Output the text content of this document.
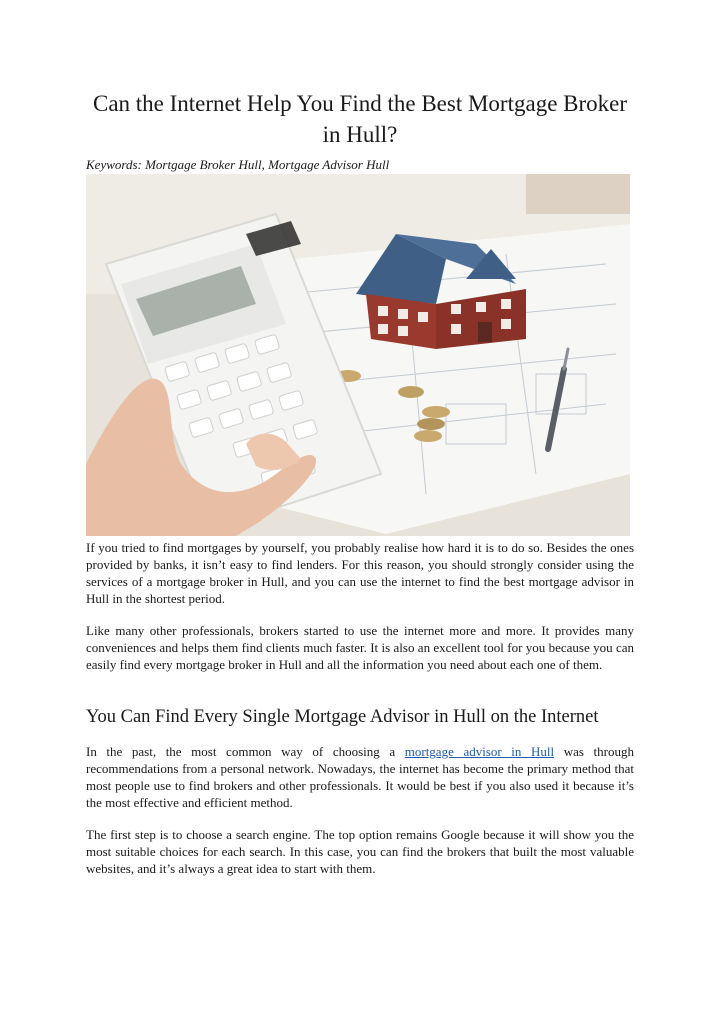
Can the Internet Help You Find the Best Mortgage Broker in Hull?

Keywords: Mortgage Broker Hull, Mortgage Advisor Hull

If you tried to find mortgages by yourself, you probably realise how hard it is to do so. Besides the ones provided by banks, it isn’t easy to find lenders. For this reason, you should strongly consider using the services of a mortgage broker in Hull, and you can use the internet to find the best mortgage advisor in Hull in the shortest period.

Like many other professionals, brokers started to use the internet more and more. It provides many conveniences and helps them find clients much faster. It is also an excellent tool for you because you can easily find every mortgage broker in Hull and all the information you need about each one of them.

You Can Find Every Single Mortgage Advisor in Hull on the Internet

In the past, the most common way of choosing a mortgage advisor in Hull was through recommendations from a personal network. Nowadays, the internet has become the primary method that most people use to find brokers and other professionals. It would be best if you also used it because it’s the most effective and efficient method.

The first step is to choose a search engine. The top option remains Google because it will show you the most suitable choices for each search. In this case, you can find the brokers that built the most valuable websites, and it’s always a great idea to start with them.
